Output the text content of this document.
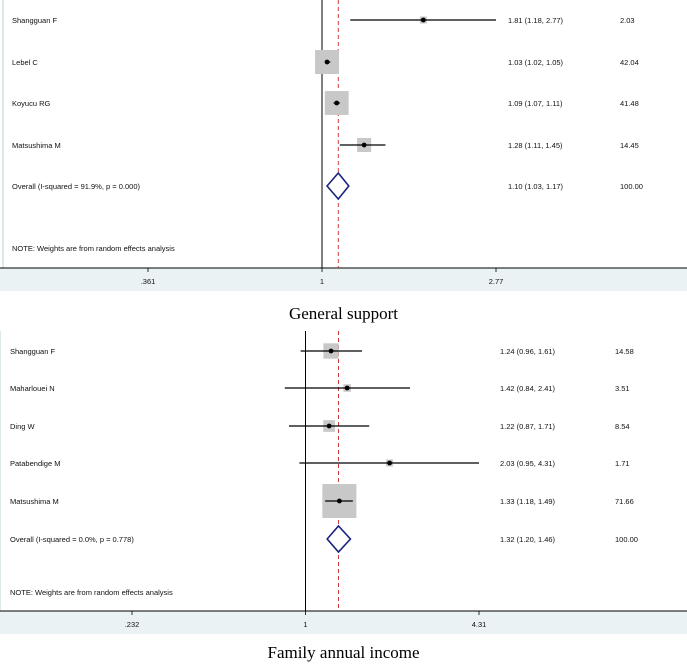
.361	1	2.77
Shangguan F	1.81 (1.18, 2.77)	2.03
Lebel C	1.03 (1.02, 1.05)	42.04
Koyucu RG	1.09 (1.07, 1.11)	41.48
Matsushima M	1.28 (1.11, 1.45)	14.45
Overall (I-squared = 91.9%, p = 0.000)	1.10 (1.03, 1.17)	100.00
NOTE: Weights are from random effects analysis
General support
.232	1	4.31
Shangguan F	1.24 (0.96, 1.61)	14.58
Maharlouei N	1.42 (0.84, 2.41)	3.51
Ding W	1.22 (0.87, 1.71)	8.54
Patabendige M	2.03 (0.95, 4.31)	1.71
Matsushima M	1.33 (1.18, 1.49)	71.66
Overall (I-squared = 0.0%, p = 0.778)	1.32 (1.20, 1.46)	100.00
NOTE: Weights are from random effects analysis
Family annual income
